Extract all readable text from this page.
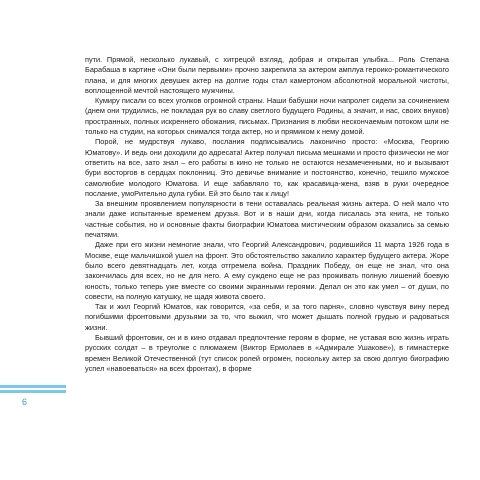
пути. Прямой, несколько лукавый, с хитрецой взгляд, добрая и открытая улыбка... Роль Степана Барабаша в картине «Они были первыми» прочно закрепила за актером амплуа героико-романтического плана, и для многих девушек актер на долгие годы стал камертоном абсолютной моральной чистоты, воплощенной мечтой настоящего мужчины.

Кумиру писали со всех уголков огромной страны. Наши бабушки ночи напролет сидели за сочинением (днем они трудились, не покладая рук во славу светлого будущего Родины, а значит, и нас, своих внуков) пространных, полных искреннего обожания, письмах. Признания в любви нескончаемым потоком шли не только на студии, на которых снимался тогда актер, но и прямиком к нему домой.

Порой, не мудрствуя лукаво, послания подписывались лаконично просто: «Москва, Георгию Юматову». И ведь они доходили до адресата! Актер получал письма мешками и просто физически не мог ответить на все, зато знал – его работы в кино не только не остаются незамеченными, но и вызывают бури восторгов в сердцах поклонниц. Это девичье внимание и постоянство, конечно, тешило мужское самолюбие молодого Юматова. И еще забавляло то, как красавица-жена, взяв в руки очередное послание, умоРительно дула губки. Ей это было так к лицу!

За внешним проявлением популярности в тени оставалась реальная жизнь актера. О ней мало что знали даже испытанные временем друзья. Вот и в наши дни, когда писалась эта книга, не только частные события, но и основные факты биографии Юматова мистическим образом оказались за семью печатями.

Даже при его жизни немногие знали, что Георгий Александрович, родившийся 11 марта 1926 года в Москве, еще мальчишкой ушел на фронт. Это обстоятельство закалило характер будущего актера. Жоре было всего девятнадцать лет, когда отгремела война. Праздник Победу, он еще не знал, что она закончилась для всех, но не для него. А ему суждено еще не раз проживать полную лишений боевую юность, только теперь уже вместе со своими экранными героями. Делал он это как умел – от души, по совести, на полную катушку, не щадя живота своего.

Так и жил Георгий Юматов, как говорится, «за себя, и за того парня», словно чувствуя вину перед погибшими фронтовыми друзьями за то, что выжил, что может дышать полной грудью и радоваться жизни.

Бывший фронтовик, он и в кино отдавал предпочтение героям в форме, не уставая всю жизнь играть русских солдат – в треуголке с плюмажем (Виктор Ермолаев в «Адмирале Ушакове»), в гимнастерке времен Великой Отечественной (тут список ролей огромен, поскольку актер за свою долгую биографию успел «навоеваться» на всех фронтах), в форме

6
